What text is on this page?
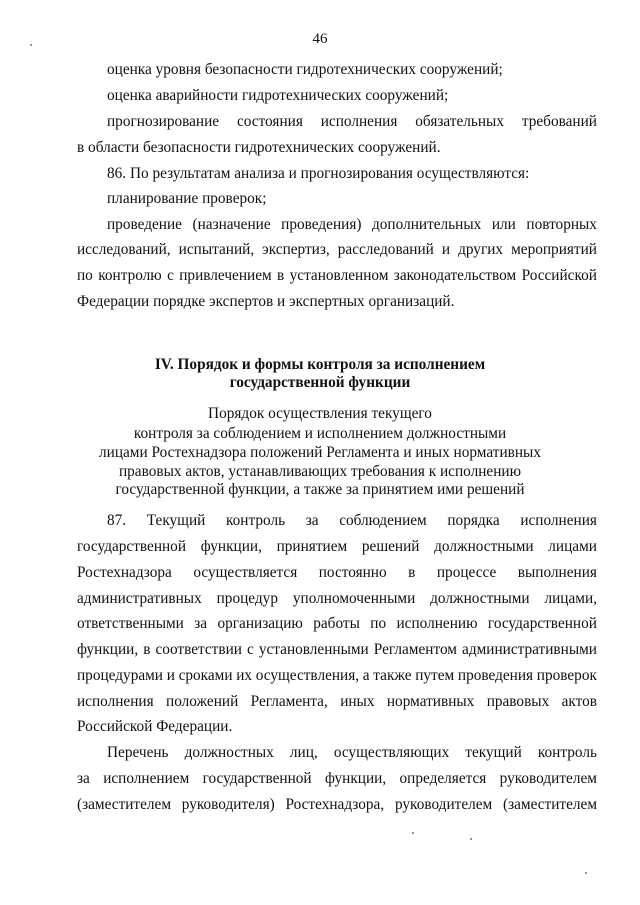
46
оценка уровня безопасности гидротехнических сооружений;
оценка аварийности гидротехнических сооружений;
прогнозирование состояния исполнения обязательных требований
в области безопасности гидротехнических сооружений.
86. По результатам анализа и прогнозирования осуществляются:
планирование проверок;
проведение (назначение проведения) дополнительных или повторных
исследований, испытаний, экспертиз, расследований и других мероприятий
по контролю с привлечением в установленном законодательством Российской
Федерации порядке экспертов и экспертных организаций.
IV. Порядок и формы контроля за исполнением
государственной функции
Порядок осуществления текущего
контроля за соблюдением и исполнением должностными
лицами Ростехнадзора положений Регламента и иных нормативных
правовых актов, устанавливающих требования к исполнению
государственной функции, а также за принятием ими решений
87. Текущий контроль за соблюдением порядка исполнения
государственной функции, принятием решений должностными лицами
Ростехнадзора осуществляется постоянно в процессе выполнения
административных процедур уполномоченными должностными лицами,
ответственными за организацию работы по исполнению государственной
функции, в соответствии с установленными Регламентом административными
процедурами и сроками их осуществления, а также путем проведения проверок
исполнения положений Регламента, иных нормативных правовых актов
Российской Федерации.
Перечень должностных лиц, осуществляющих текущий контроль
за исполнением государственной функции, определяется руководителем
(заместителем руководителя) Ростехнадзора, руководителем (заместителем
